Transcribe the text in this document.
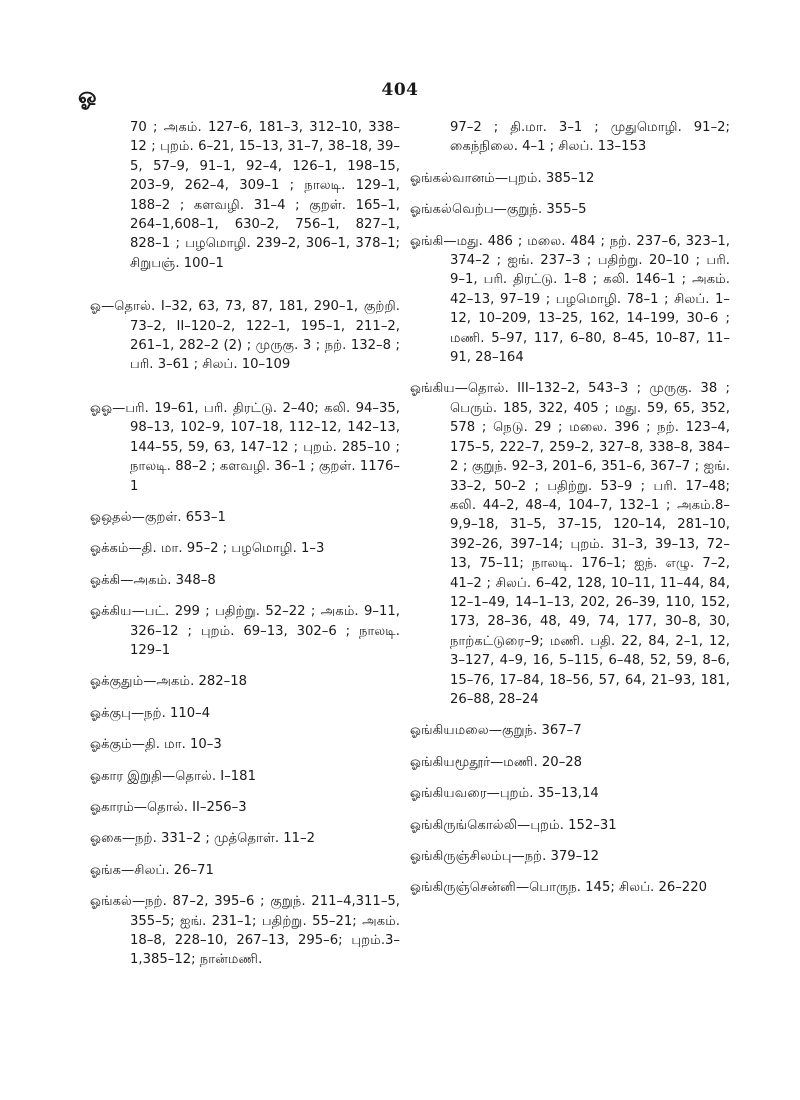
ஓ	404

70 ; அகம். 127–6, 181–3, 312–10, 338–12 ; புறம். 6–21, 15–13, 31–7, 38–18, 39–5, 57–9, 91–1, 92–4, 126–1, 198–15, 203–9, 262–4, 309–1 ; நாலடி. 129–1, 188–2 ; களவழி. 31–4 ; குறள். 165–1, 264–1,608–1, 630–2, 756–1, 827–1, 828–1 ; பழமொழி. 239–2, 306–1, 378–1; சிறுபஞ். 100–1

ஓ—தொல். I–32, 63, 73, 87, 181, 290–1, குற்றி. 73–2, II–120–2, 122–1, 195–1, 211–2, 261–1, 282–2 (2) ; முருகு. 3 ; நற். 132–8 ; பரி. 3–61 ; சிலப். 10–109

ஓஓ—பரி. 19–61, பரி. திரட்டு. 2–40; கலி. 94–35, 98–13, 102–9, 107–18, 112–12, 142–13, 144–55, 59, 63, 147–12 ; புறம். 285–10 ; நாலடி. 88–2 ; களவழி. 36–1 ; குறள். 1176–1

ஓஒதல்—குறள். 653–1

ஓக்கம்—தி. மா. 95–2 ; பழமொழி. 1–3

ஓக்கி—அகம். 348–8

ஓக்கிய—பட். 299 ; பதிற்று. 52–22 ; அகம். 9–11, 326–12 ; புறம். 69–13, 302–6 ; நாலடி. 129–1

ஓக்குதும்—அகம். 282–18

ஓக்குபு—நற். 110–4

ஓக்கும்—தி. மா. 10–3

ஓகார இறுதி—தொல். I–181

ஓகாரம்—தொல். II–256–3

ஓகை—நற். 331–2 ; முத்தொள். 11–2

ஓங்க—சிலப். 26–71

ஓங்கல்—நற். 87–2, 395–6 ; குறுந். 211–4,311–5, 355–5; ஐங். 231–1; பதிற்று. 55–21; அகம். 18–8, 228–10, 267–13, 295–6; புறம்.3–1,385–12; நான்மணி.

97–2 ; தி.மா. 3–1 ; முதுமொழி. 91–2; கைந்நிலை. 4–1 ; சிலப். 13–153

ஓங்கல்வானம்—புறம். 385–12

ஓங்கல்வெற்ப—குறுந். 355–5

ஓங்கி—மது. 486 ; மலை. 484 ; நற். 237–6, 323–1, 374–2 ; ஐங். 237–3 ; பதிற்று. 20–10 ; பரி. 9–1, பரி. திரட்டு. 1–8 ; கலி. 146–1 ; அகம். 42–13, 97–19 ; பழமொழி. 78–1 ; சிலப். 1–12, 10–209, 13–25, 162, 14–199, 30–6 ; மணி. 5–97, 117, 6–80, 8–45, 10–87, 11–91, 28–164

ஓங்கிய—தொல். III–132–2, 543–3 ; முருகு. 38 ; பெரும். 185, 322, 405 ; மது. 59, 65, 352, 578 ; நெடு. 29 ; மலை. 396 ; நற். 123–4, 175–5, 222–7, 259–2, 327–8, 338–8, 384–2 ; குறுந். 92–3, 201–6, 351–6, 367–7 ; ஐங். 33–2, 50–2 ; பதிற்று. 53–9 ; பரி. 17–48; கலி. 44–2, 48–4, 104–7, 132–1 ; அகம்.8–9,9–18, 31–5, 37–15, 120–14, 281–10, 392–26, 397–14; புறம். 31–3, 39–13, 72–13, 75–11; நாலடி. 176–1; ஐந். எழு. 7–2, 41–2 ; சிலப். 6–42, 128, 10–11, 11–44, 84, 12–1–49, 14–1–13, 202, 26–39, 110, 152, 173, 28–36, 48, 49, 74, 177, 30–8, 30, நாற்கட்டுரை–9; மணி. பதி. 22, 84, 2–1, 12, 3–127, 4–9, 16, 5–115, 6–48, 52, 59, 8–6, 15–76, 17–84, 18–56, 57, 64, 21–93, 181, 26–88, 28–24

ஓங்கியமலை—குறுந். 367–7

ஓங்கியமூதூர்—மணி. 20–28

ஓங்கியவரை—புறம். 35–13,14

ஓங்கிருங்கொல்லி—புறம். 152–31

ஓங்கிருஞ்சிலம்பு—நற். 379–12

ஓங்கிருஞ்சென்னி—பொருந. 145; சிலப். 26–220
